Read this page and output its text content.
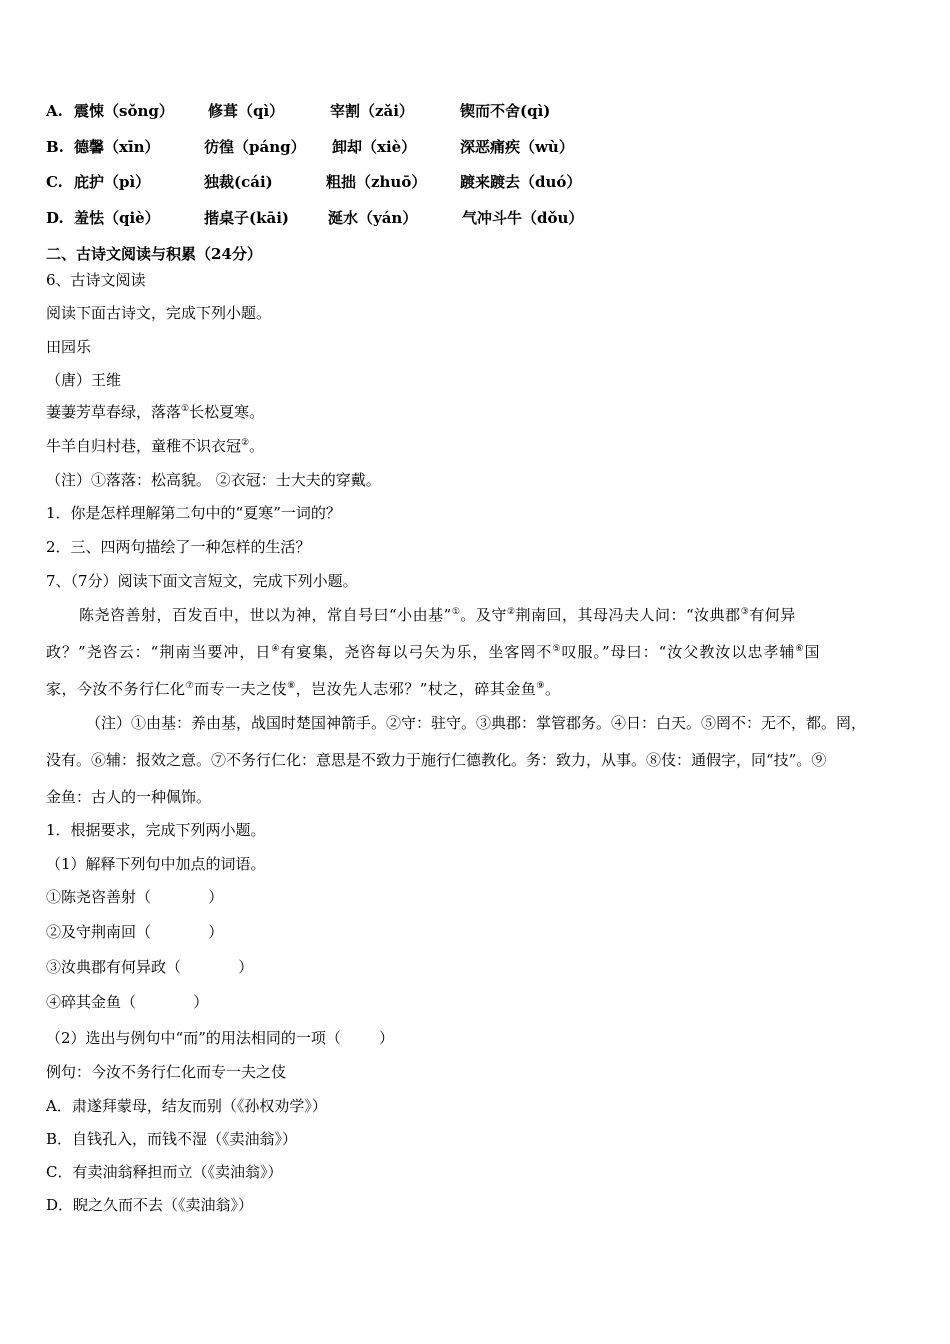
A. 震悚（sǒng） 修葺（qì）	宰割（zǎi）	锲而不舍(qì)
B. 德馨（xīn）	彷徨（páng） 卸却（xiè）	深恶痛疾（wù）
C. 庇护（pì）	独裁(cái)	粗拙（zhuō） 踱来踱去（duó）
D. 羞怯（qiè）	揩桌子(kāi)	涎水（yán）	气冲斗牛（dǒu）
二、古诗文阅读与积累（24分）
6、古诗文阅读
阅读下面古诗文，完成下列小题。
田园乐
（唐）王维
萋萋芳草春绿，落落①长松夏寒。
牛羊自归村巷，童稚不识衣冠②。
（注）①落落：松高貌。 ②衣冠：士大夫的穿戴。
1．你是怎样理解第二句中的“夏寒”一词的？
2．三、四两句描绘了一种怎样的生活？
7、（7分）阅读下面文言短文，完成下列小题。
陈尧咨善射，百发百中，世以为神，常自号曰“小由基”①。及守②荆南回，其母冯夫人问：“汝典郡③有何异
政？”尧咨云：“荆南当要冲，日④有宴集，尧咨每以弓矢为乐，坐客罔不⑤叹服。”母曰：“汝父教汝以忠孝辅⑥国
家，今汝不务行仁化⑦而专一夫之伎⑧，岂汝先人志邪？”杖之，碎其金鱼⑨。
（注）①由基：养由基，战国时楚国神箭手。②守：驻守。③典郡：掌管郡务。④日：白天。⑤罔不：无不，都。罔，
没有。⑥辅：报效之意。⑦不务行仁化：意思是不致力于施行仁德教化。务：致力，从事。⑧伎：通假字，同“技”。⑨
金鱼：古人的一种佩饰。
1．根据要求，完成下列两小题。
（1）解释下列句中加点的词语。
①陈尧咨善射（            ）
②及守荆南回（            ）
③汝典郡有何异政（            ）
④碎其金鱼（            ）
（2）选出与例句中“而”的用法相同的一项（        ）
例句：今汝不务行仁化而专一夫之伎
A．肃遂拜蒙母，结友而别（《孙权劝学》）
B．自钱孔入，而钱不湿（《卖油翁》）
C．有卖油翁释担而立（《卖油翁》）
D．睨之久而不去（《卖油翁》）
